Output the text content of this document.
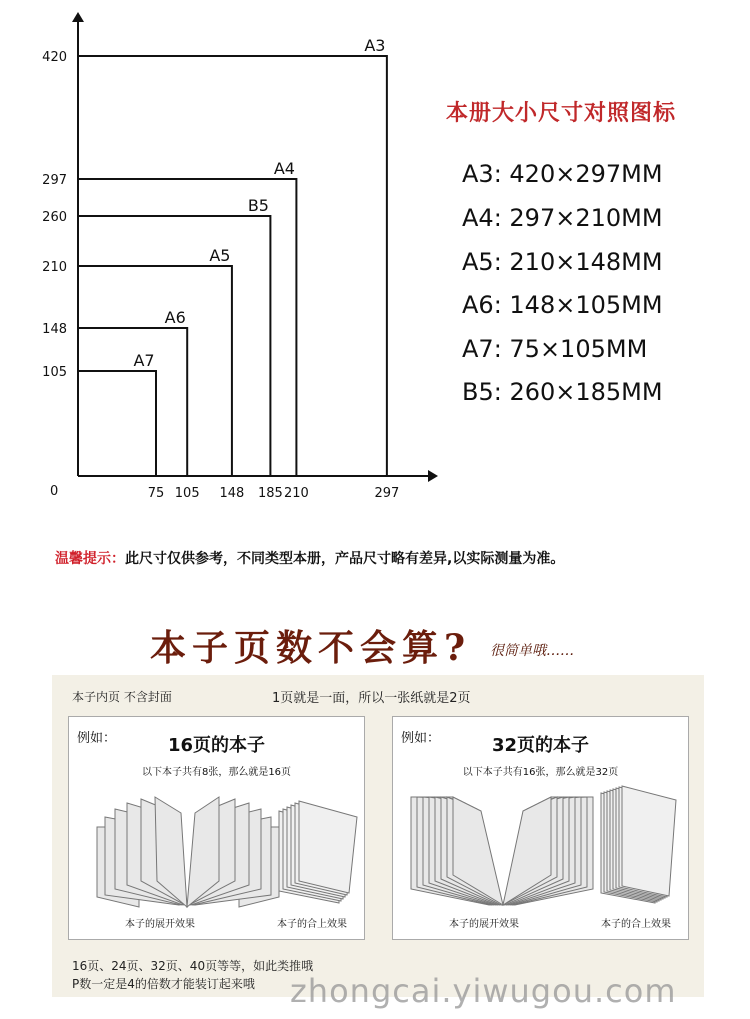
0
A3
A4
B5
A5
A6
A7
75 105 148 185 210	297
105
148
210
260
297
420
本册大小尺寸对照图标
A3: 420×297MM
A4: 297×210MM
A5: 210×148MM
A6: 148×105MM
A7: 75×105MM
B5: 260×185MM
温馨提示：此尺寸仅供参考，不同类型本册，产品尺寸略有差异,以实际测量为准。
本子页数不会算? 很简单哦……
本子内页 不含封面	1页就是一面，所以一张纸就是2页
例如：	16页的本子
以下本子共有8张，那么就是16页
本子的展开效果	本子的合上效果
例如：	32页的本子
以下本子共有16张，那么就是32页
本子的展开效果	本子的合上效果
16页、24页、32页、40页等等，如此类推哦
P数一定是4的倍数才能装订起来哦 zhongcai.yiwugou.com
